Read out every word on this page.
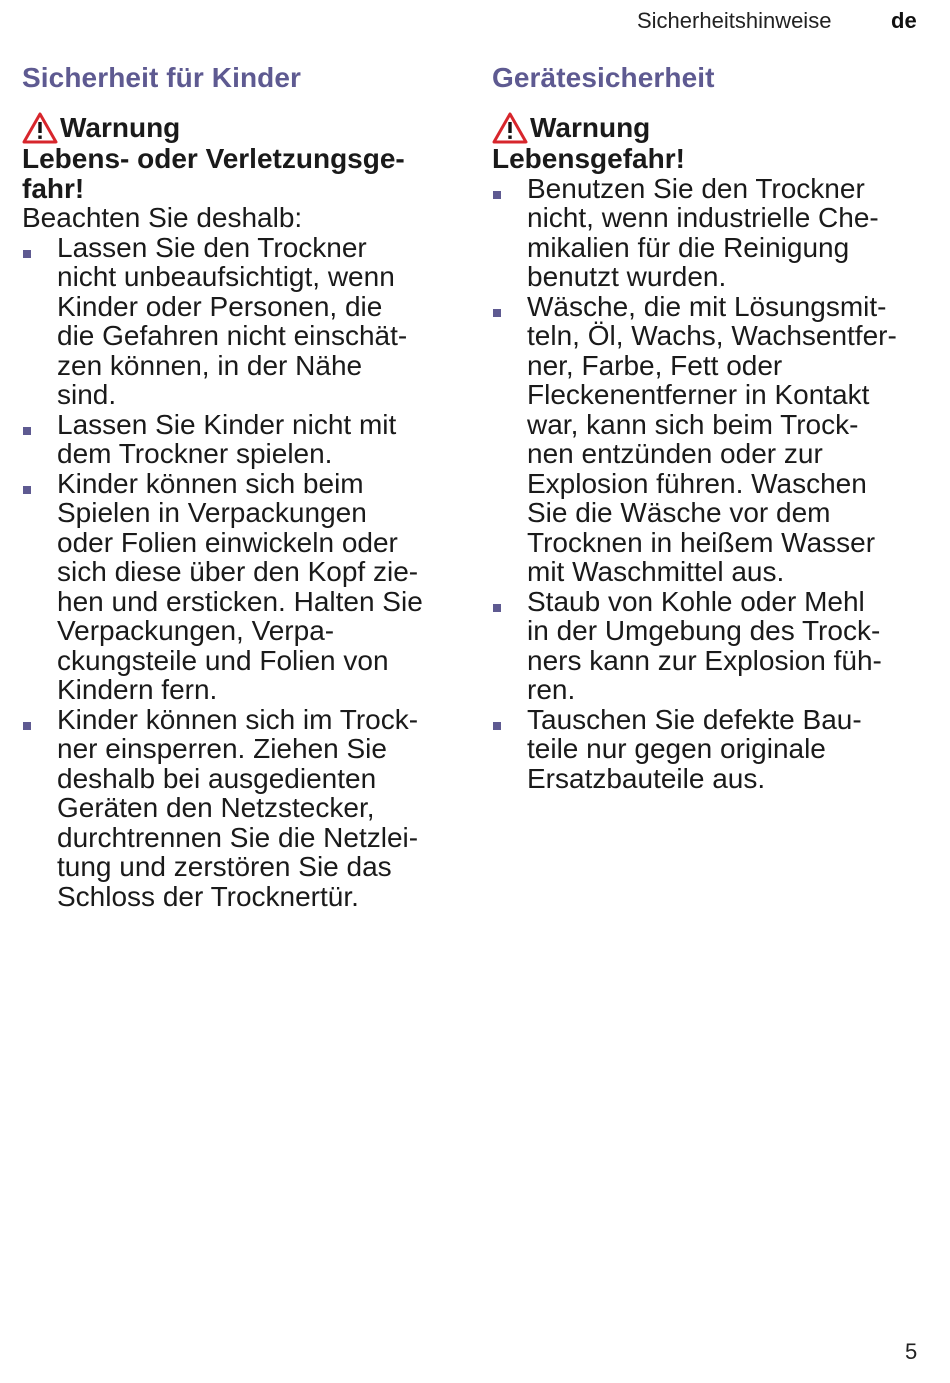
Sicherheitshinweise	de
Sicherheit für Kinder
Warnung

Lebens- oder Verletzungsge-
fahr!

Beachten Sie deshalb:

Lassen Sie den Trockner
nicht unbeaufsichtigt, wenn
Kinder oder Personen, die
die Gefahren nicht einschät-
zen können, in der Nähe
sind.
Lassen Sie Kinder nicht mit
dem Trockner spielen.
Kinder können sich beim
Spielen in Verpackungen
oder Folien einwickeln oder
sich diese über den Kopf zie-
hen und ersticken. Halten Sie
Verpackungen, Verpa-
ckungsteile und Folien von
Kindern fern.
Kinder können sich im Trock-
ner einsperren. Ziehen Sie
deshalb bei ausgedienten
Geräten den Netzstecker,
durchtrennen Sie die Netzlei-
tung und zerstören Sie das
Schloss der Trocknertür.
Gerätesicherheit
Warnung

Lebensgefahr!

Benutzen Sie den Trockner
nicht, wenn industrielle Che-
mikalien für die Reinigung
benutzt wurden.
Wäsche, die mit Lösungsmit-
teln, Öl, Wachs, Wachsentfer-
ner, Farbe, Fett oder
Fleckenentferner in Kontakt
war, kann sich beim Trock-
nen entzünden oder zur
Explosion führen. Waschen
Sie die Wäsche vor dem
Trocknen in heißem Wasser
mit Waschmittel aus.
Staub von Kohle oder Mehl
in der Umgebung des Trock-
ners kann zur Explosion füh-
ren.
Tauschen Sie defekte Bau-
teile nur gegen originale
Ersatzbauteile aus.
5
